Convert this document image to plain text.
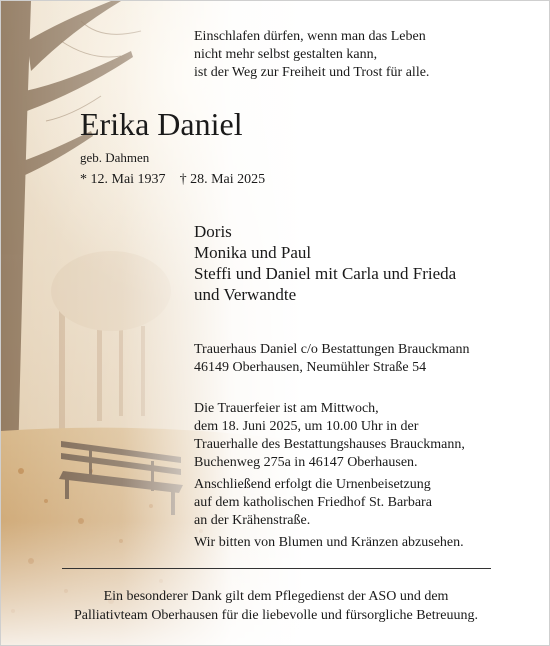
Einschlafen dürfen, wenn man das Leben
nicht mehr selbst gestalten kann,
ist der Weg zur Freiheit und Trost für alle.
Erika Daniel
geb. Dahmen
* 12. Mai 1937 † 28. Mai 2025
Doris
Monika und Paul
Steffi und Daniel mit Carla und Frieda
und Verwandte
Trauerhaus Daniel c/o Bestattungen Brauckmann
46149 Oberhausen, Neumühler Straße 54
Die Trauerfeier ist am Mittwoch,
dem 18. Juni 2025, um 10.00 Uhr in der
Trauerhalle des Bestattungshauses Brauckmann,
Buchenweg 275a in 46147 Oberhausen.
Anschließend erfolgt die Urnenbeisetzung
auf dem katholischen Friedhof St. Barbara
an der Krähenstraße.
Wir bitten von Blumen und Kränzen abzusehen.
Ein besonderer Dank gilt dem Pflegedienst der ASO und dem
Palliativteam Oberhausen für die liebevolle und fürsorgliche Betreuung.
